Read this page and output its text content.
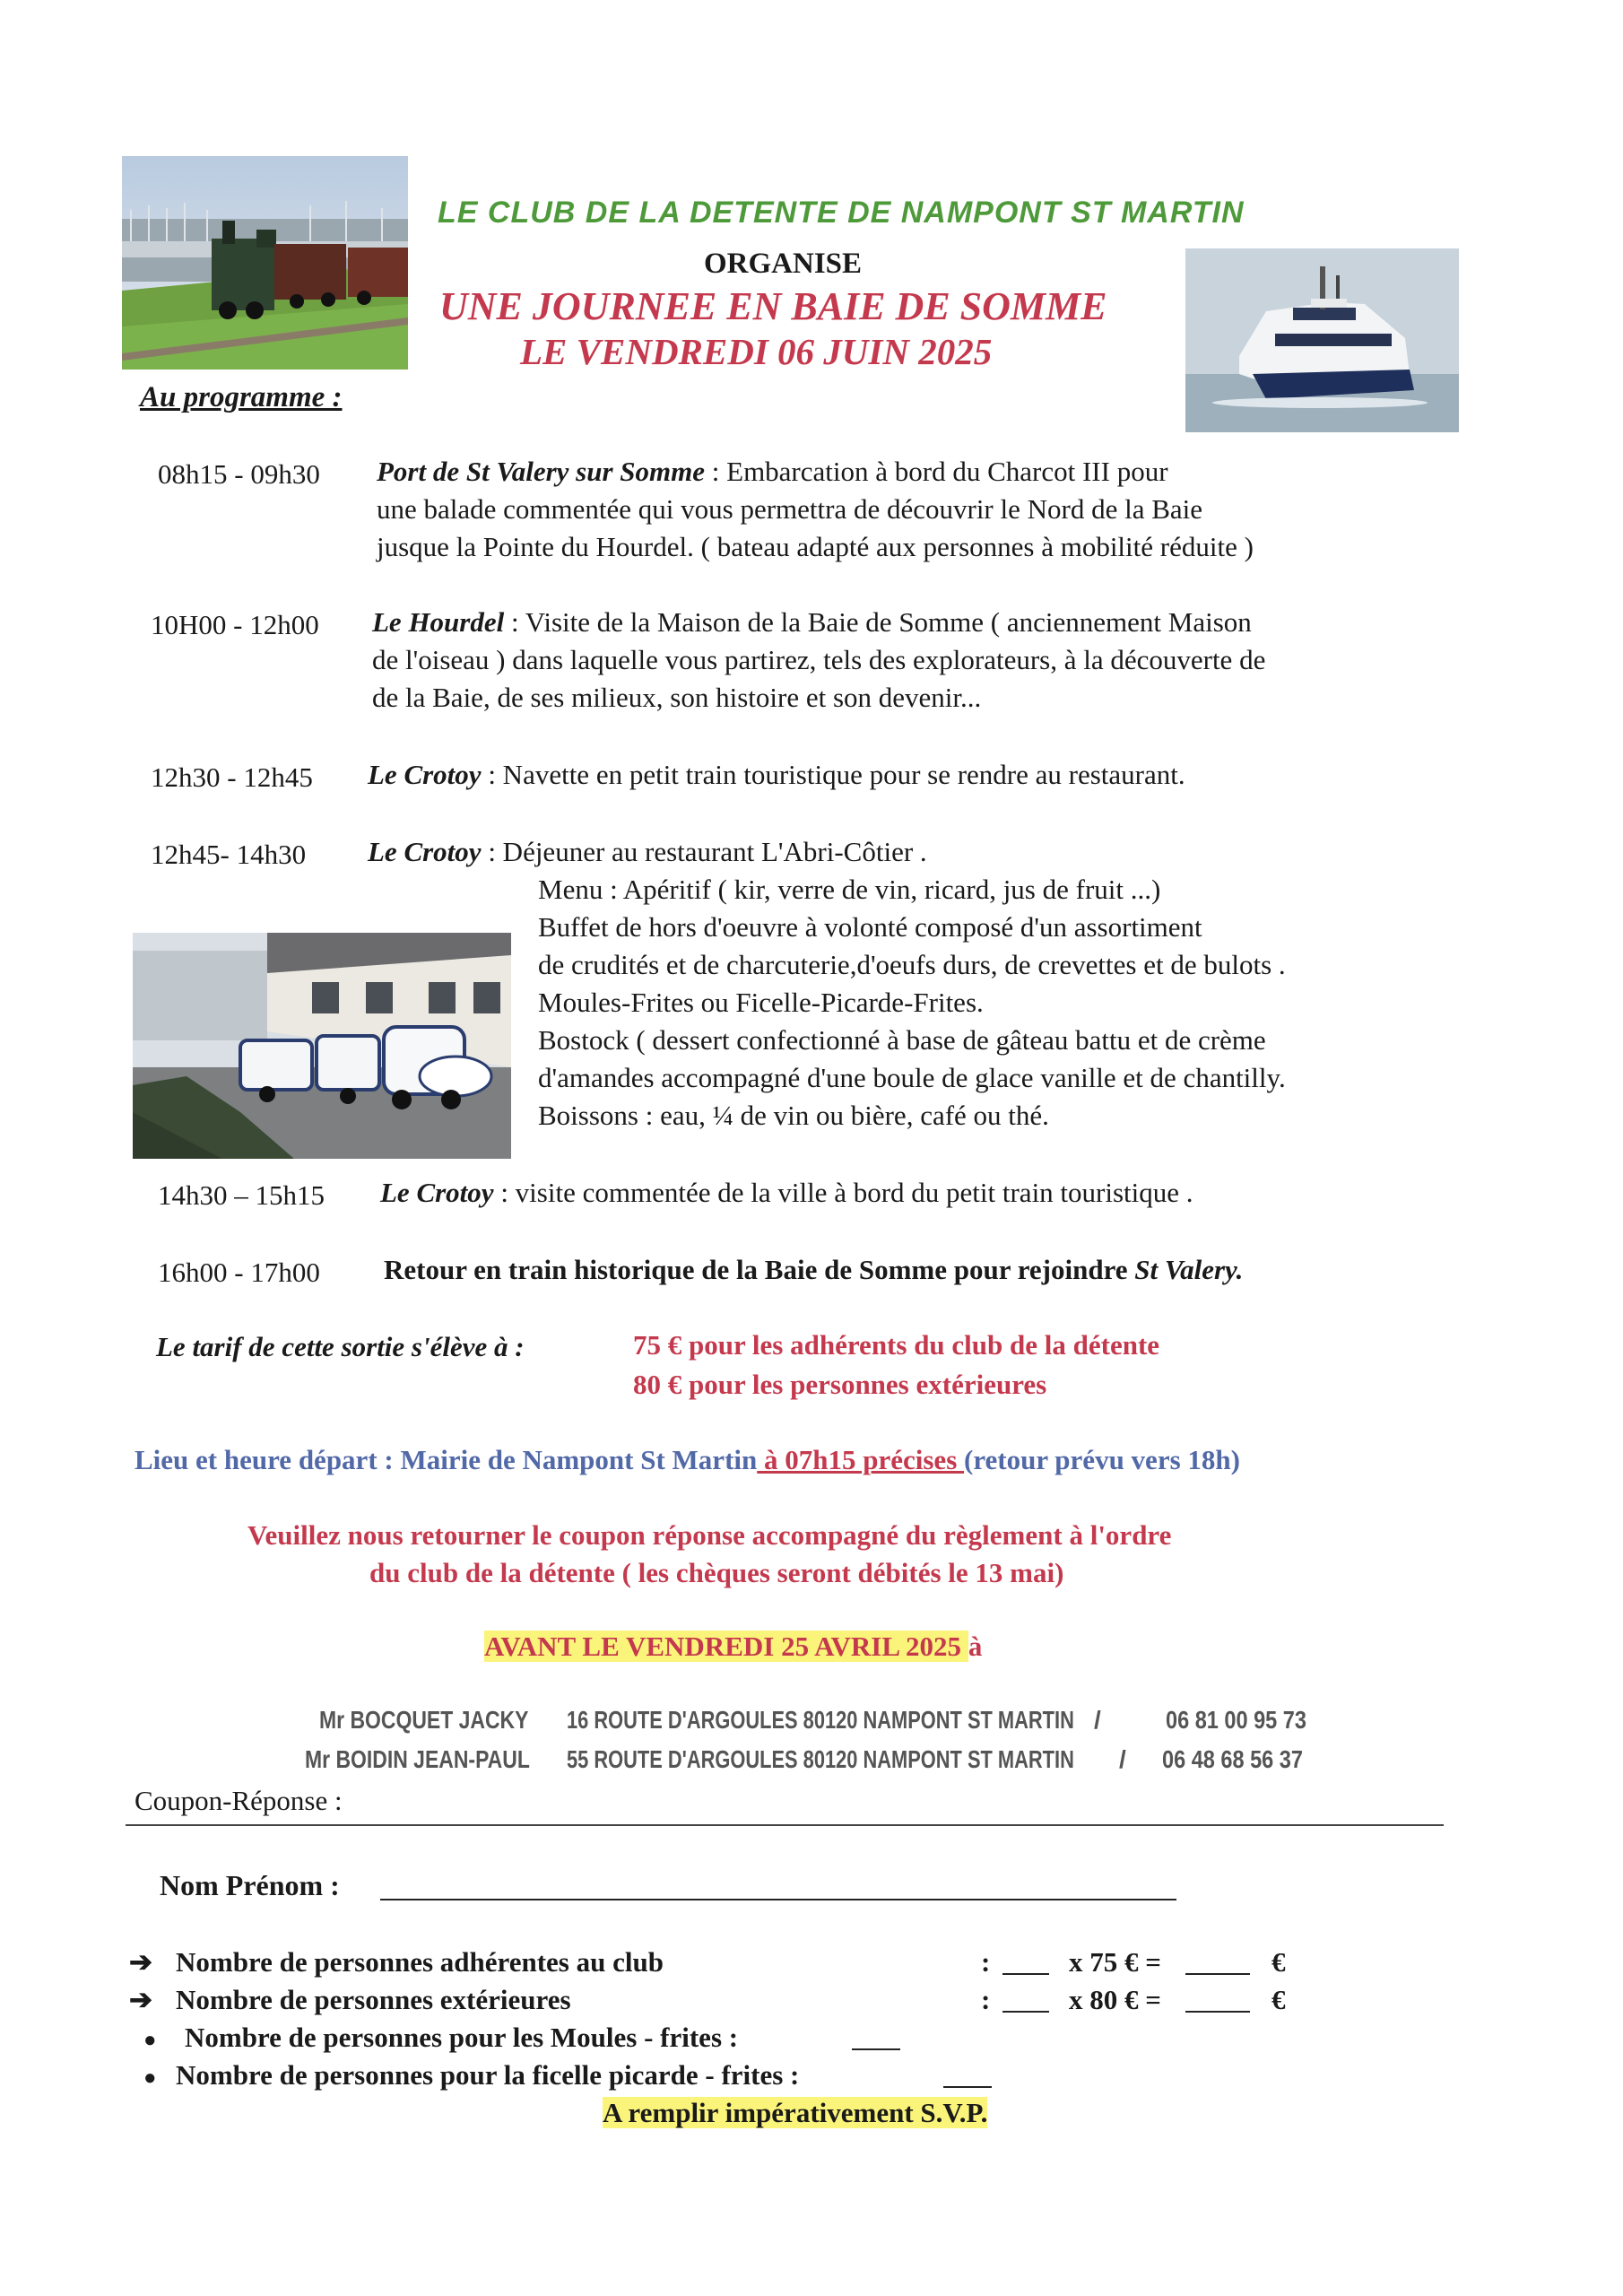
LE CLUB DE LA DETENTE DE NAMPONT ST MARTIN
ORGANISE
UNE JOURNEE EN BAIE DE SOMME
LE VENDREDI 06 JUIN 2025
Au programme :
08h15 - 09h30 Port de St Valery sur Somme : Embarcation à bord du Charcot III pour
une balade commentée qui vous permettra de découvrir le Nord de la Baie
jusque la Pointe du Hourdel. ( bateau adapté aux personnes à mobilité réduite )
10H00 - 12h00 Le Hourdel : Visite de la Maison de la Baie de Somme ( anciennement Maison
de l'oiseau ) dans laquelle vous partirez, tels des explorateurs, à la découverte de
de la Baie, de ses milieux, son histoire et son devenir...
12h30 - 12h45 Le Crotoy : Navette en petit train touristique pour se rendre au restaurant.
12h45- 14h30 Le Crotoy : Déjeuner au restaurant L'Abri-Côtier .
Menu : Apéritif ( kir, verre de vin, ricard, jus de fruit ...)
Buffet de hors d'oeuvre à volonté composé d'un assortiment
de crudités et de charcuterie,d'oeufs durs, de crevettes et de bulots .
Moules-Frites ou Ficelle-Picarde-Frites.
Bostock ( dessert confectionné à base de gâteau battu et de crème
d'amandes accompagné d'une boule de glace vanille et de chantilly.
Boissons : eau, ¼ de vin ou bière, café ou thé.
14h30 – 15h15 Le Crotoy : visite commentée de la ville à bord du petit train touristique .
16h00 - 17h00 Retour en train historique de la Baie de Somme pour rejoindre St Valery.
Le tarif de cette sortie s'élève à :	75 € pour les adhérents du club de la détente
80 € pour les personnes extérieures
Lieu et heure départ : Mairie de Nampont St Martin à 07h15 précises (retour prévu vers 18h)
Veuillez nous retourner le coupon réponse accompagné du règlement à l'ordre
du club de la détente ( les chèques seront débités le 13 mai)
AVANT LE VENDREDI 25 AVRIL 2025 à
Mr BOCQUET JACKY 16 ROUTE D'ARGOULES 80120 NAMPONT ST MARTIN /	06 81 00 95 73
Mr BOIDIN JEAN-PAUL 55 ROUTE D'ARGOULES 80120 NAMPONT ST MARTIN / 06 48 68 56 37
Coupon-Réponse :
Nom Prénom :
➔ Nombre de personnes adhérentes au club	:	x 75 € =	€
➔ Nombre de personnes extérieures	:	x 80 € =	€
● Nombre de personnes pour les Moules - frites :
● Nombre de personnes pour la ficelle picarde - frites :
A remplir impérativement S.V.P.
